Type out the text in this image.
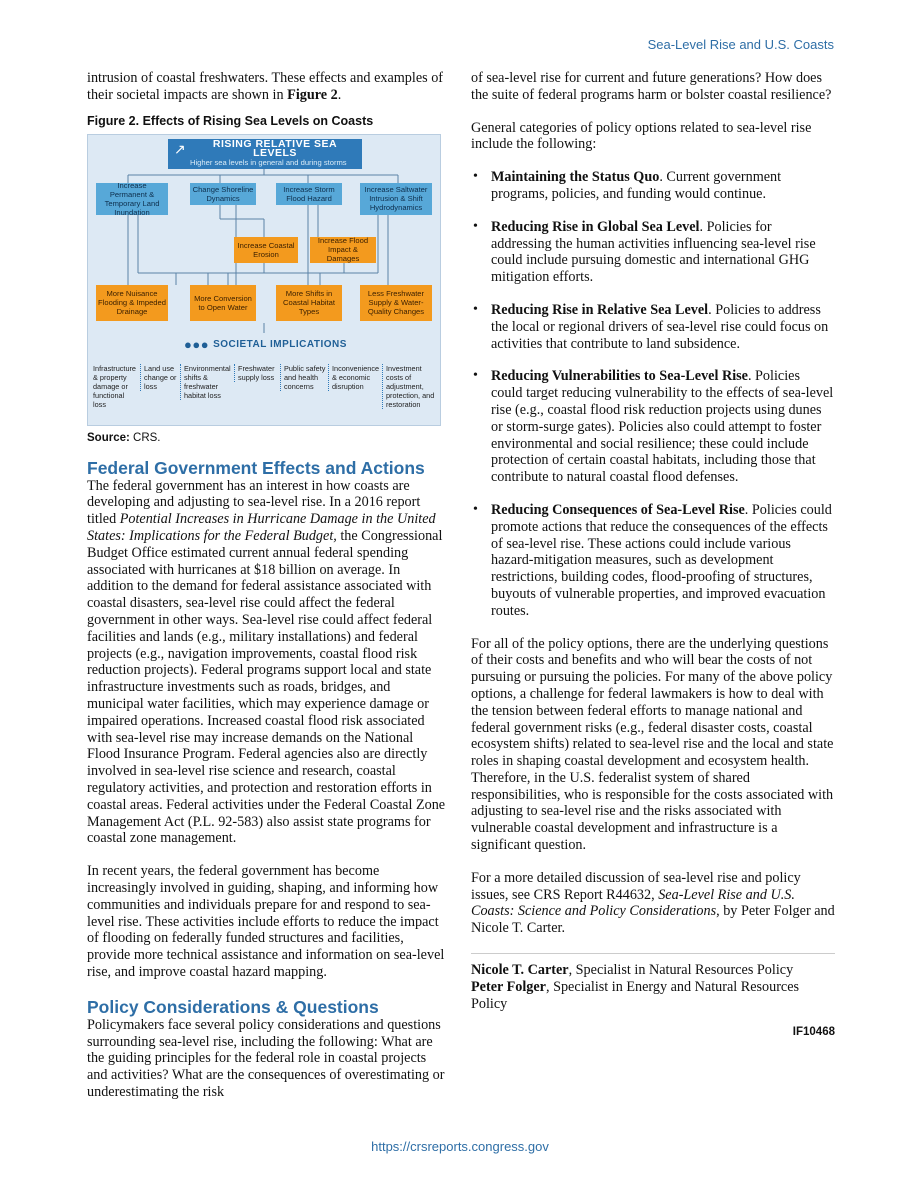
Sea-Level Rise and U.S. Coasts

intrusion of coastal freshwaters. These effects and examples of their societal impacts are shown in Figure 2.

Figure 2. Effects of Rising Sea Levels on Coasts
↗	RISING RELATIVE SEA LEVELS
Higher sea levels in general and during storms
Increase Permanent & Temporary Land Inundation
Change Shoreline Dynamics
Increase Storm Flood Hazard
Increase Saltwater Intrusion & Shift Hydrodynamics
Increase Coastal Erosion
Increase Flood Impact & Damages
More Nuisance Flooding & Impeded Drainage
More Conversion to Open Water
More Shifts in Coastal Habitat Types
Less Freshwater Supply & Water-Quality Changes
●●● SOCIETAL IMPLICATIONS
Infrastructure & property damage or functional loss
Land use change or loss
Environmental shifts & freshwater habitat loss
Freshwater supply loss
Public safety and health concerns
Inconvenience & economic disruption
Investment costs of adjustment, protection, and restoration
Source: CRS.
Federal Government Effects and Actions

The federal government has an interest in how coasts are developing and adjusting to sea-level rise. In a 2016 report titled Potential Increases in Hurricane Damage in the United States: Implications for the Federal Budget, the Congressional Budget Office estimated current annual federal spending associated with hurricanes at $18 billion on average. In addition to the demand for federal assistance associated with coastal disasters, sea-level rise could affect the federal government in other ways. Sea-level rise could affect federal facilities and lands (e.g., military installations) and federal projects (e.g., navigation improvements, coastal flood risk reduction projects). Federal programs support local and state infrastructure investments such as roads, bridges, and municipal water facilities, which may experience damage or impaired operations. Increased coastal flood risk associated with sea-level rise may increase demands on the National Flood Insurance Program. Federal agencies also are directly involved in sea-level rise science and research, coastal regulatory activities, and protection and restoration efforts in coastal areas. Federal activities under the Federal Coastal Zone Management Act (P.L. 92-583) also assist state programs for coastal zone management.

In recent years, the federal government has become increasingly involved in guiding, shaping, and informing how communities and individuals prepare for and respond to sea-level rise. These activities include efforts to reduce the impact of flooding on federally funded structures and facilities, provide more technical assistance and information on sea-level rise, and improve coastal hazard mapping.

Policy Considerations & Questions

Policymakers face several policy considerations and questions surrounding sea-level rise, including the following: What are the guiding principles for the federal role in coastal projects and activities? What are the consequences of overestimating or underestimating the risk

of sea-level rise for current and future generations? How does the suite of federal programs harm or bolster coastal resilience?

General categories of policy options related to sea-level rise include the following:

• Maintaining the Status Quo. Current government programs, policies, and funding would continue.
• Reducing Rise in Global Sea Level. Policies for addressing the human activities influencing sea-level rise could include pursuing domestic and international GHG mitigation efforts.
• Reducing Rise in Relative Sea Level. Policies to address the local or regional drivers of sea-level rise could focus on activities that contribute to land subsidence.
• Reducing Vulnerabilities to Sea-Level Rise. Policies could target reducing vulnerability to the effects of sea-level rise (e.g., coastal flood risk reduction projects using dunes or storm-surge gates). Policies also could attempt to foster environmental and social resilience; these could include protection of certain coastal habitats, including those that contribute to natural coastal flood defenses.
• Reducing Consequences of Sea-Level Rise. Policies could promote actions that reduce the consequences of the effects of sea-level rise. These actions could include various hazard-mitigation measures, such as development restrictions, building codes, flood-proofing of structures, buyouts of vulnerable properties, and improved evacuation routes.

For all of the policy options, there are the underlying questions of their costs and benefits and who will bear the costs of not pursuing or pursuing the policies. For many of the above policy options, a challenge for federal lawmakers is how to deal with the tension between federal efforts to manage national and federal government risks (e.g., federal disaster costs, coastal ecosystem shifts) related to sea-level rise and the local and state roles in shaping coastal development and ecosystem health. Therefore, in the U.S. federalist system of shared responsibilities, who is responsible for the costs associated with adjusting to sea-level rise and the risks associated with vulnerable coastal development and infrastructure is a significant question.

For a more detailed discussion of sea-level rise and policy issues, see CRS Report R44632, Sea-Level Rise and U.S. Coasts: Science and Policy Considerations, by Peter Folger and Nicole T. Carter.

Nicole T. Carter, Specialist in Natural Resources Policy
Peter Folger, Specialist in Energy and Natural Resources Policy
IF10468
https://crsreports.congress.gov
